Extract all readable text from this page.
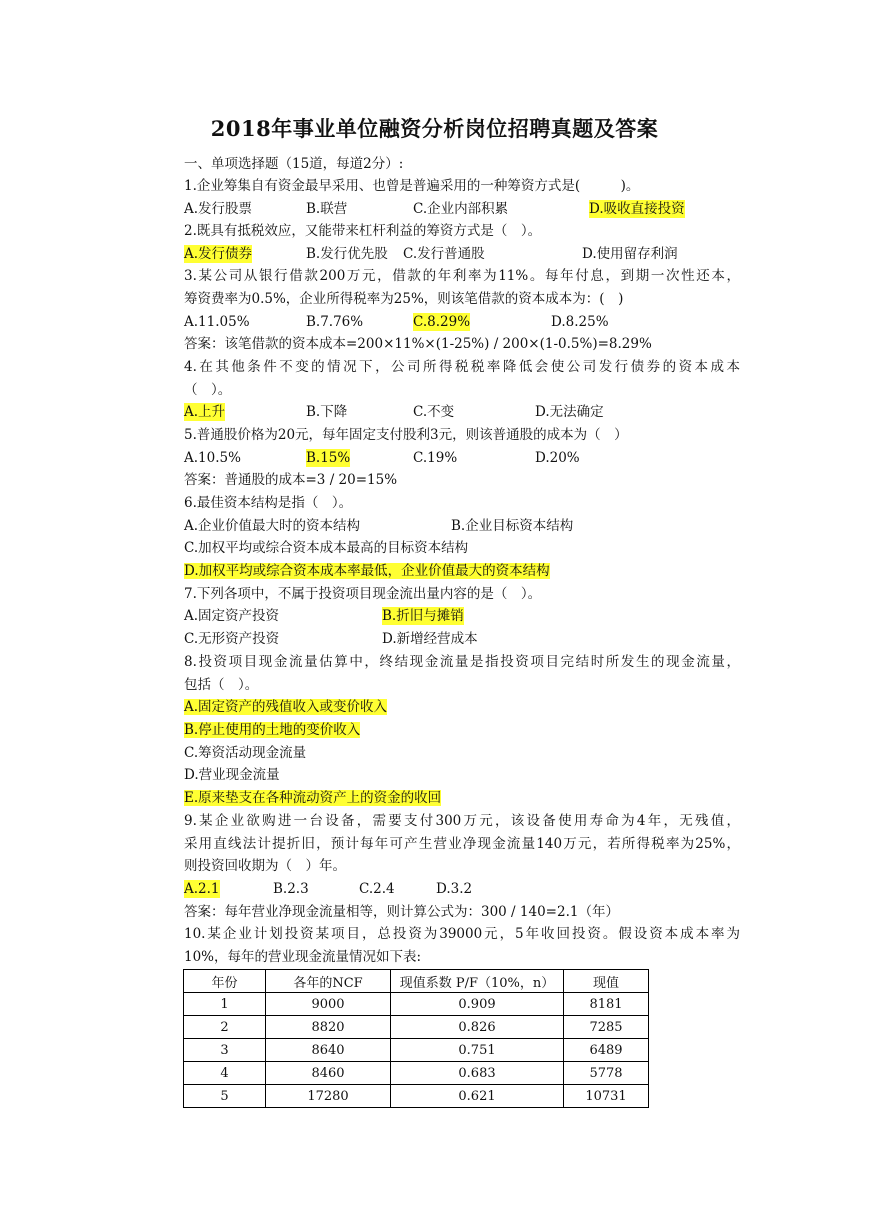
2018年事业单位融资分析岗位招聘真题及答案
一、单项选择题（15道，每道2分）:
1.企业筹集自有资金最早采用、也曾是普遍采用的一种筹资方式是(　　　)。
A.发行股票	B.联营	C.企业内部积累	D.吸收直接投资
2.既具有抵税效应，又能带来杠杆利益的筹资方式是（　）。
A.发行债券	B.发行优先股 C.发行普通股	D.使用留存利润
3.某公司从银行借款200万元，借款的年利率为11%。每年付息，到期一次性还本，
筹资费率为0.5%，企业所得税率为25%，则该笔借款的资本成本为：(　)
A.11.05%	B.7.76%	C.8.29%	D.8.25%
答案：该笔借款的资本成本=200×11%×(1-25%) / 200×(1-0.5%)=8.29%
4.在其他条件不变的情况下，公司所得税税率降低会使公司发行债券的资本成本
（　）。
A.上升	B.下降	C.不变	D.无法确定
5.普通股价格为20元，每年固定支付股利3元，则该普通股的成本为（　）
A.10.5%	B.15%	C.19%	D.20%
答案：普通股的成本=3 / 20=15%
6.最佳资本结构是指（　）。
A.企业价值最大时的资本结构	B.企业目标资本结构
C.加权平均或综合资本成本最高的目标资本结构
D.加权平均或综合资本成本率最低，企业价值最大的资本结构
7.下列各项中，不属于投资项目现金流出量内容的是（　）。
A.固定资产投资	B.折旧与摊销
C.无形资产投资	D.新增经营成本
8.投资项目现金流量估算中，终结现金流量是指投资项目完结时所发生的现金流量，
包括（　）。
A.固定资产的残值收入或变价收入
B.停止使用的土地的变价收入
C.筹资活动现金流量
D.营业现金流量
E.原来垫支在各种流动资产上的资金的收回
9.某企业欲购进一台设备，需要支付300万元，该设备使用寿命为4年，无残值，
采用直线法计提折旧，预计每年可产生营业净现金流量140万元，若所得税率为25%，
则投资回收期为（　）年。
A.2.1	B.2.3	C.2.4	D.3.2
答案：每年营业净现金流量相等，则计算公式为：300 / 140=2.1（年）
10.某企业计划投资某项目，总投资为39000元，5年收回投资。假设资本成本率为
10%，每年的营业现金流量情况如下表:
年份	各年的NCF	现值系数 P/F（10%，n）	现值
1	9000	0.909	8181
2	8820	0.826	7285
3	8640	0.751	6489
4	8460	0.683	5778
5	17280	0.621	10731
